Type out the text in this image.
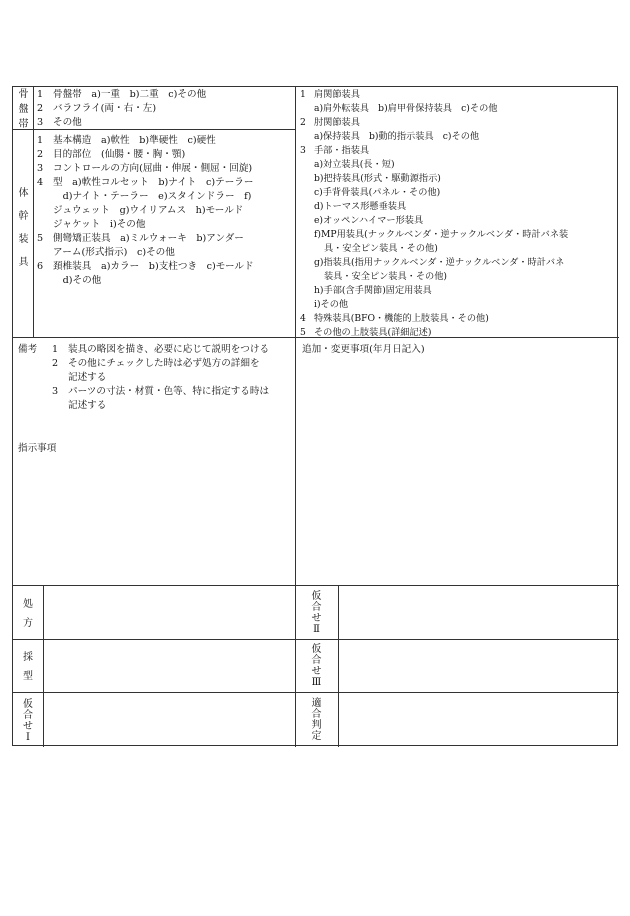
骨
盤
帯
1 骨盤帯　a)一重　b)二重　c)その他
2 バラフライ(両・右・左)
3 その他
体
幹
装
具
1 基本構造　a)軟性　b)準硬性　c)硬性
2 目的部位　(仙腸・腰・胸・顎)
3 コントロールの方向(屈曲・伸展・側屈・回旋)
4 型　a)軟性コルセット　b)ナイト　c)テーラー
　d)ナイト・テーラー　e)スタインドラー　f)
ジュウェット　g)ウイリアムス　h)モールド
ジャケット　i)その他
5 側彎矯正装具　a)ミルウォーキ　b)アンダー
アーム(形式指示)　c)その他
6 頚椎装具　a)カラー　b)支柱つき　c)モールド
　d)その他
1 肩関節装具
a)肩外転装具　b)肩甲骨保持装具　c)その他
2 肘関節装具
a)保持装具　b)動的指示装具　c)その他
3 手部・指装具
a)対立装具(長・短)
b)把持装具(形式・駆動源指示)
c)手背骨装具(パネル・その他)
d)トーマス形懸垂装具
e)オッペンハイマー形装具
f)MP用装具(ナックルベンダ・逆ナックルベンダ・時計バネ装
具・安全ピン装具・その他)
g)指装具(指用ナックルベンダ・逆ナックルベンダ・時計バネ
装具・安全ピン装具・その他)
h)手部(含手関節)固定用装具
i)その他
4 特殊装具(BFO・機能的上肢装具・その他)
5 その他の上肢装具(詳細記述)
備考 1 装具の略図を描き、必要に応じて説明をつける
2 その他にチェックした時は必ず処方の詳細を
記述する
3 パーツの寸法・材質・色等、特に指定する時は
記述する
指示事項
追加・変更事項(年月日記入)
処
方
採
型
仮
合
せ
Ⅰ
仮
合
せ
Ⅱ
仮
合
せ
Ⅲ
適
合
判
定
